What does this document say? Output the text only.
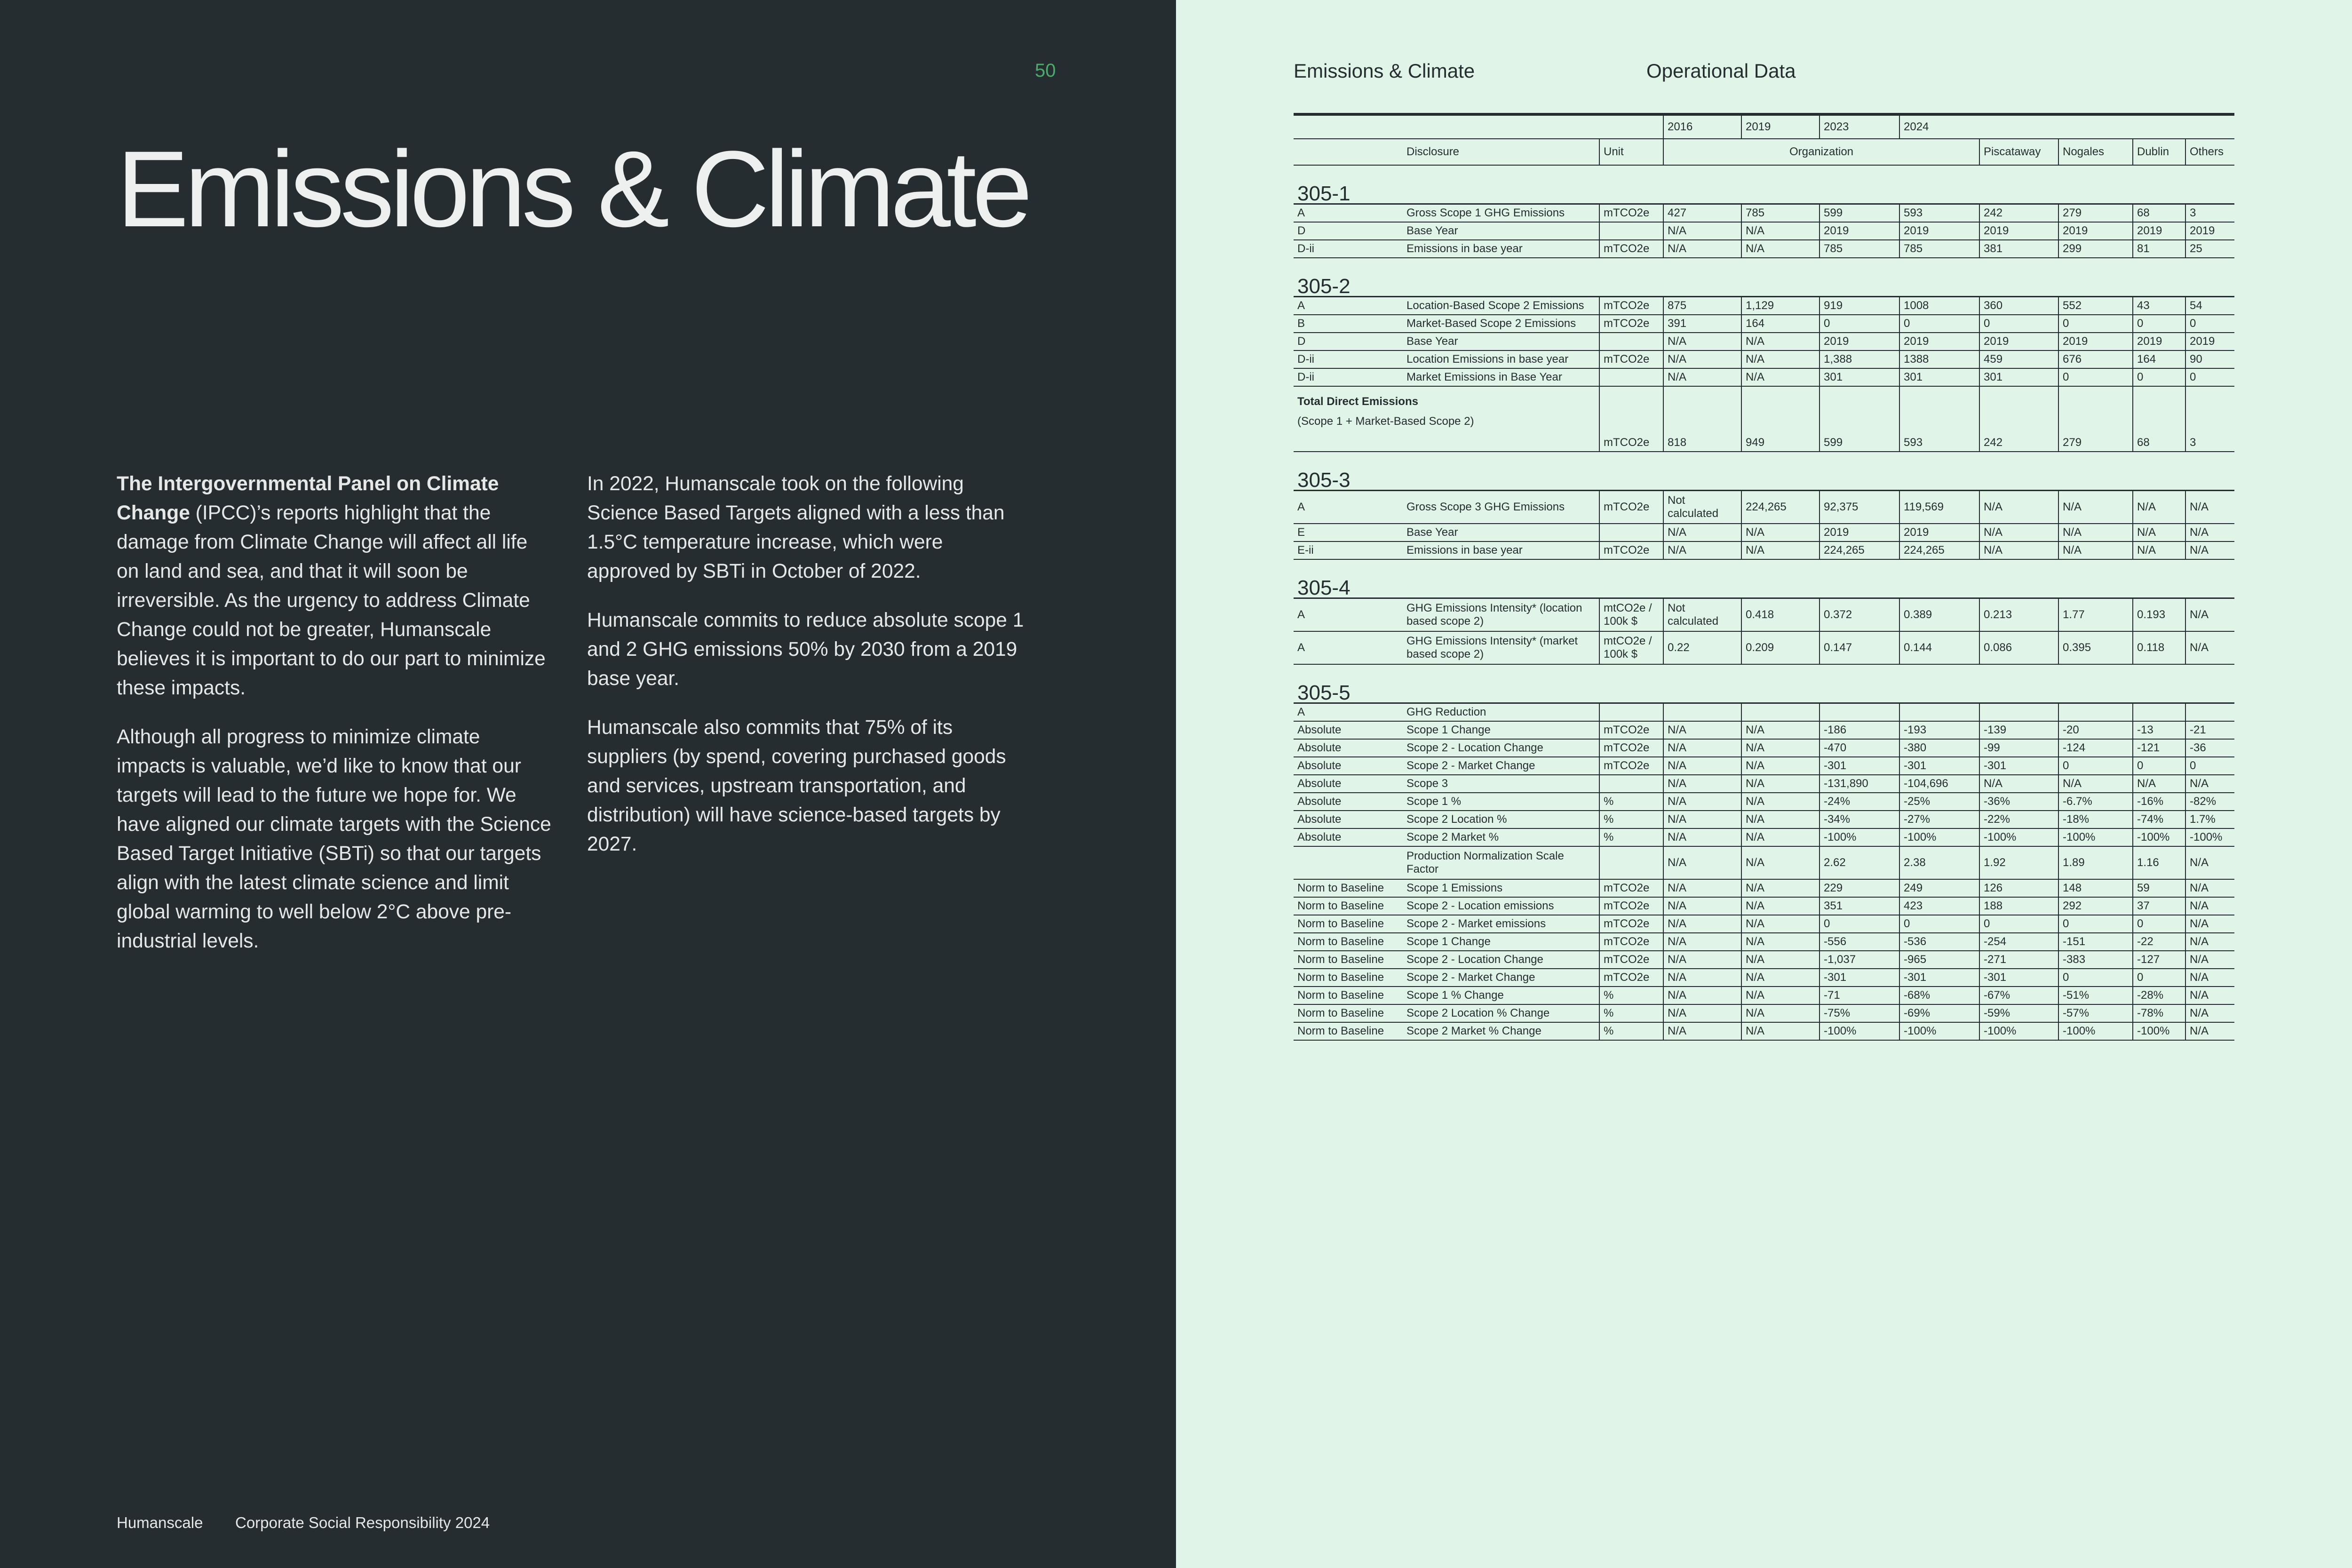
50
Emissions & Climate

The Intergovernmental Panel on Climate Change (IPCC)’s reports highlight that the damage from Climate Change will affect all life on land and sea, and that it will soon be irreversible. As the urgency to address Climate Change could not be greater, Humanscale believes it is important to do our part to minimize these impacts.

Although all progress to minimize climate impacts is valuable, we’d like to know that our targets will lead to the future we hope for. We have aligned our climate targets with the Science Based Target Initiative (SBTi) so that our targets align with the latest climate science and limit global warming to well below 2°C above pre-industrial levels.

In 2022, Humanscale took on the following Science Based Targets aligned with a less than 1.5°C temperature increase, which were approved by SBTi in October of 2022.

Humanscale commits to reduce absolute scope 1 and 2 GHG emissions 50% by 2030 from a 2019 base year.

Humanscale also commits that 75% of its suppliers (by spend, covering purchased goods and services, upstream transportation, and distribution) will have science-based targets by 2027.

Humanscale Corporate Social Responsibility 2024
Emissions & Climate	Operational Data
			2016	2019	2023	2024				
	Disclosure	Unit	Organization				Piscataway	Nogales	Dublin	Others
305-1										
A	Gross Scope 1 GHG Emissions	mTCO2e	427	785	599	593	242	279	68	3
D	Base Year		N/A	N/A	2019	2019	2019	2019	2019	2019
D-ii	Emissions in base year	mTCO2e	N/A	N/A	785	785	381	299	81	25
305-2										
A	Location-Based Scope 2 Emissions	mTCO2e	875	1,129	919	1008	360	552	43	54
B	Market-Based Scope 2 Emissions	mTCO2e	391	164	0	0	0	0	0	0
D	Base Year		N/A	N/A	2019	2019	2019	2019	2019	2019
D-ii	Location Emissions in base year	mTCO2e	N/A	N/A	1,388	1388	459	676	164	90
D-ii	Market Emissions in Base Year		N/A	N/A	301	301	301	0	0	0

Total Direct Emissions
(Scope 1 + Market-Based Scope 2)		mTCO2e	818	949	599	593	242	279	68	3
305-3										
A	Gross Scope 3 GHG Emissions	mTCO2e	Not calculated	224,265	92,375	119,569	N/A	N/A	N/A	N/A
E	Base Year		N/A	N/A	2019	2019	N/A	N/A	N/A	N/A
E-ii	Emissions in base year	mTCO2e	N/A	N/A	224,265	224,265	N/A	N/A	N/A	N/A
305-4										
A	GHG Emissions Intensity* (location based scope 2)	mtCO2e / 100k $	Not calculated	0.418	0.372	0.389	0.213	1.77	0.193	N/A
A	GHG Emissions Intensity* (market based scope 2)	mtCO2e / 100k $	0.22	0.209	0.147	0.144	0.086	0.395	0.118	N/A
305-5										
A	GHG Reduction									
Absolute	Scope 1 Change	mTCO2e	N/A	N/A	-186	-193	-139	-20	-13	-21
Absolute	Scope 2 - Location Change	mTCO2e	N/A	N/A	-470	-380	-99	-124	-121	-36
Absolute	Scope 2 - Market Change	mTCO2e	N/A	N/A	-301	-301	-301	0	0	0
Absolute	Scope 3		N/A	N/A	-131,890	-104,696	N/A	N/A	N/A	N/A
Absolute	Scope 1 %	%	N/A	N/A	-24%	-25%	-36%	-6.7%	-16%	-82%
Absolute	Scope 2 Location %	%	N/A	N/A	-34%	-27%	-22%	-18%	-74%	1.7%
Absolute	Scope 2 Market %	%	N/A	N/A	-100%	-100%	-100%	-100%	-100%	-100%
	Production Normalization Scale Factor		N/A	N/A	2.62	2.38	1.92	1.89	1.16	N/A
Norm to Baseline	Scope 1 Emissions	mTCO2e	N/A	N/A	229	249	126	148	59	N/A
Norm to Baseline	Scope 2 - Location emissions	mTCO2e	N/A	N/A	351	423	188	292	37	N/A
Norm to Baseline	Scope 2 - Market emissions	mTCO2e	N/A	N/A	0	0	0	0	0	N/A
Norm to Baseline	Scope 1 Change	mTCO2e	N/A	N/A	-556	-536	-254	-151	-22	N/A
Norm to Baseline	Scope 2 - Location Change	mTCO2e	N/A	N/A	-1,037	-965	-271	-383	-127	N/A
Norm to Baseline	Scope 2 - Market Change	mTCO2e	N/A	N/A	-301	-301	-301	0	0	N/A
Norm to Baseline	Scope 1 % Change	%	N/A	N/A	-71	-68%	-67%	-51%	-28%	N/A
Norm to Baseline	Scope 2 Location % Change	%	N/A	N/A	-75%	-69%	-59%	-57%	-78%	N/A
Norm to Baseline	Scope 2 Market % Change	%	N/A	N/A	-100%	-100%	-100%	-100%	-100%	N/A
